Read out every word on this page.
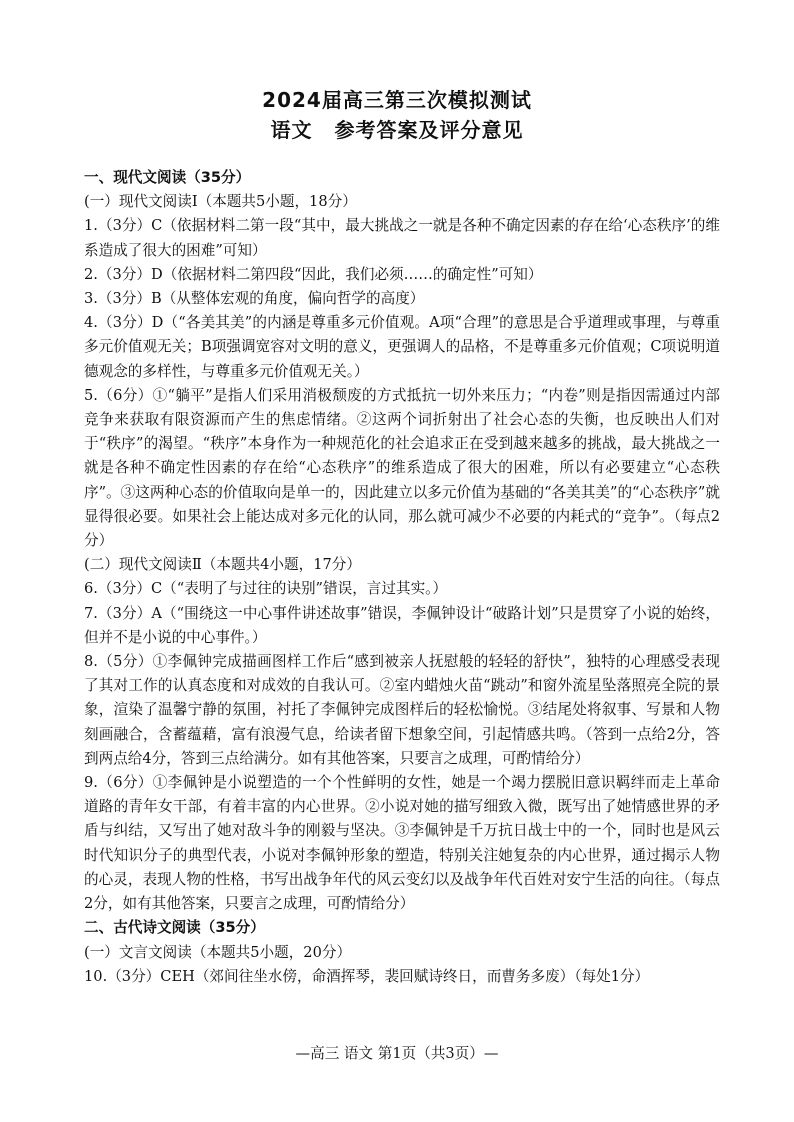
2024届高三第三次模拟测试
语文 参考答案及评分意见

一、现代文阅读（35分）

(一）现代文阅读Ⅰ（本题共5小题，18分）

1.（3分）C（依据材料二第一段“其中，最大挑战之一就是各种不确定因素的存在给‘心态秩序’的维系造成了很大的困难”可知）

2.（3分）D（依据材料二第四段“因此，我们必须……的确定性”可知）

3.（3分）B（从整体宏观的角度，偏向哲学的高度）

4.（3分）D（“各美其美”的内涵是尊重多元价值观。A项“合理”的意思是合乎道理或事理，与尊重多元价值观无关；B项强调宽容对文明的意义，更强调人的品格，不是尊重多元价值观；C项说明道德观念的多样性，与尊重多元价值观无关。）

5.（6分）①“躺平”是指人们采用消极颓废的方式抵抗一切外来压力；“内卷”则是指因需通过内部竞争来获取有限资源而产生的焦虑情绪。②这两个词折射出了社会心态的失衡，也反映出人们对于“秩序”的渴望。“秩序”本身作为一种规范化的社会追求正在受到越来越多的挑战，最大挑战之一就是各种不确定性因素的存在给“心态秩序”的维系造成了很大的困难，所以有必要建立“心态秩序”。③这两种心态的价值取向是单一的，因此建立以多元价值为基础的“各美其美”的“心态秩序”就显得很必要。如果社会上能达成对多元化的认同，那么就可减少不必要的内耗式的“竞争”。（每点2分）

(二）现代文阅读Ⅱ（本题共4小题，17分）

6.（3分）C（“表明了与过往的诀别”错误，言过其实。）

7.（3分）A（“围绕这一中心事件讲述故事”错误，李佩钟设计“破路计划”只是贯穿了小说的始终，但并不是小说的中心事件。）

8.（5分）①李佩钟完成描画图样工作后“感到被亲人抚慰般的轻轻的舒快”，独特的心理感受表现了其对工作的认真态度和对成效的自我认可。②室内蜡烛火苗“跳动”和窗外流星坠落照亮全院的景象，渲染了温馨宁静的氛围，衬托了李佩钟完成图样后的轻松愉悦。③结尾处将叙事、写景和人物刻画融合，含蓄蕴藉，富有浪漫气息，给读者留下想象空间，引起情感共鸣。（答到一点给2分，答到两点给4分，答到三点给满分。如有其他答案，只要言之成理，可酌情给分）

9.（6分）①李佩钟是小说塑造的一个个性鲜明的女性，她是一个竭力摆脱旧意识羁绊而走上革命道路的青年女干部，有着丰富的内心世界。②小说对她的描写细致入微，既写出了她情感世界的矛盾与纠结，又写出了她对敌斗争的刚毅与坚决。③李佩钟是千万抗日战士中的一个，同时也是风云时代知识分子的典型代表，小说对李佩钟形象的塑造，特别关注她复杂的内心世界，通过揭示人物的心灵，表现人物的性格，书写出战争年代的风云变幻以及战争年代百姓对安宁生活的向往。（每点2分，如有其他答案，只要言之成理，可酌情给分）

二、古代诗文阅读（35分）

(一）文言文阅读（本题共5小题，20分）

10.（3分）CEH（郊间往坐水傍，命酒挥琴，裴回赋诗终日，而曹务多废）（每处1分）

—高三 语文 第1页（共3页）—
